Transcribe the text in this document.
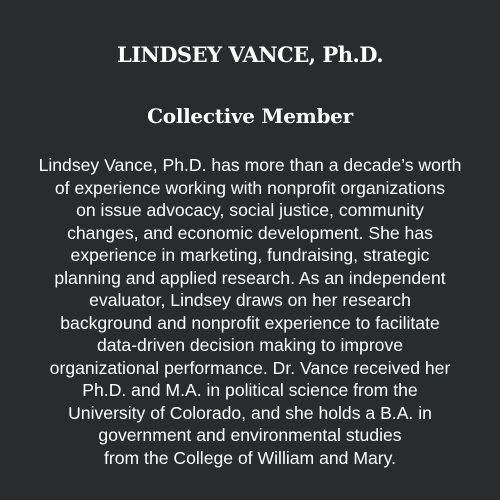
LINDSEY VANCE, Ph.D.
Collective Member

Lindsey Vance, Ph.D. has more than a decade’s worth
of experience working with nonprofit organizations
on issue advocacy, social justice, community
changes, and economic development. She has
experience in marketing, fundraising, strategic
planning and applied research. As an independent
evaluator, Lindsey draws on her research
background and nonprofit experience to facilitate
data-driven decision making to improve
organizational performance. Dr. Vance received her
Ph.D. and M.A. in political science from the
University of Colorado, and she holds a B.A. in
government and environmental studies
from the College of William and Mary.
